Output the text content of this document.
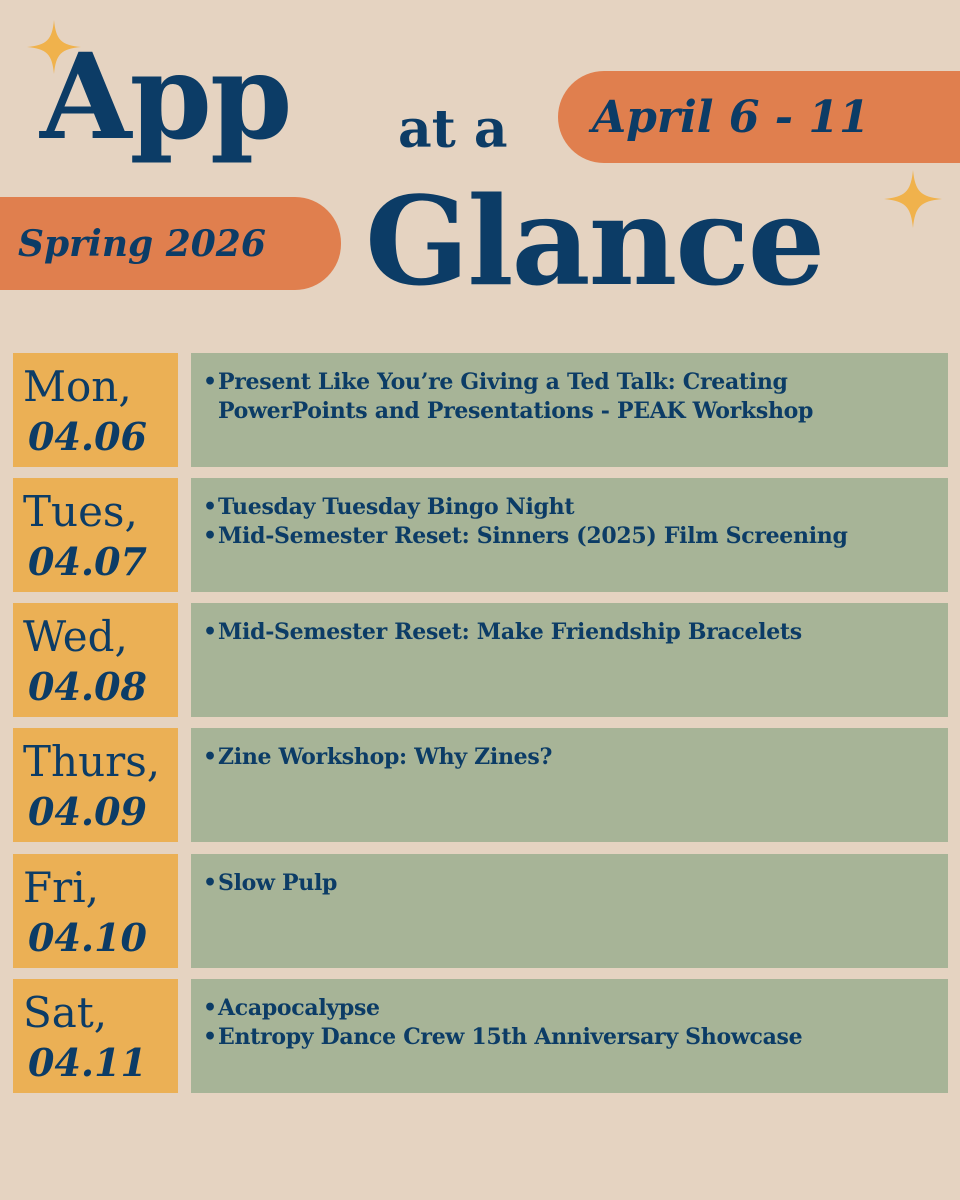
App at a April 6 - 11
Spring 2026 Glance
Mon,
04.06
•Present Like You’re Giving a Ted Talk: Creating PowerPoints and Presentations - PEAK Workshop
Tues,
04.07
•Tuesday Tuesday Bingo Night
•Mid-Semester Reset: Sinners (2025) Film Screening
Wed,
04.08
•Mid-Semester Reset: Make Friendship Bracelets
Thurs,
04.09
•Zine Workshop: Why Zines?
Fri,
04.10
•Slow Pulp
Sat,
04.11
•Acapocalypse
•Entropy Dance Crew 15th Anniversary Showcase
